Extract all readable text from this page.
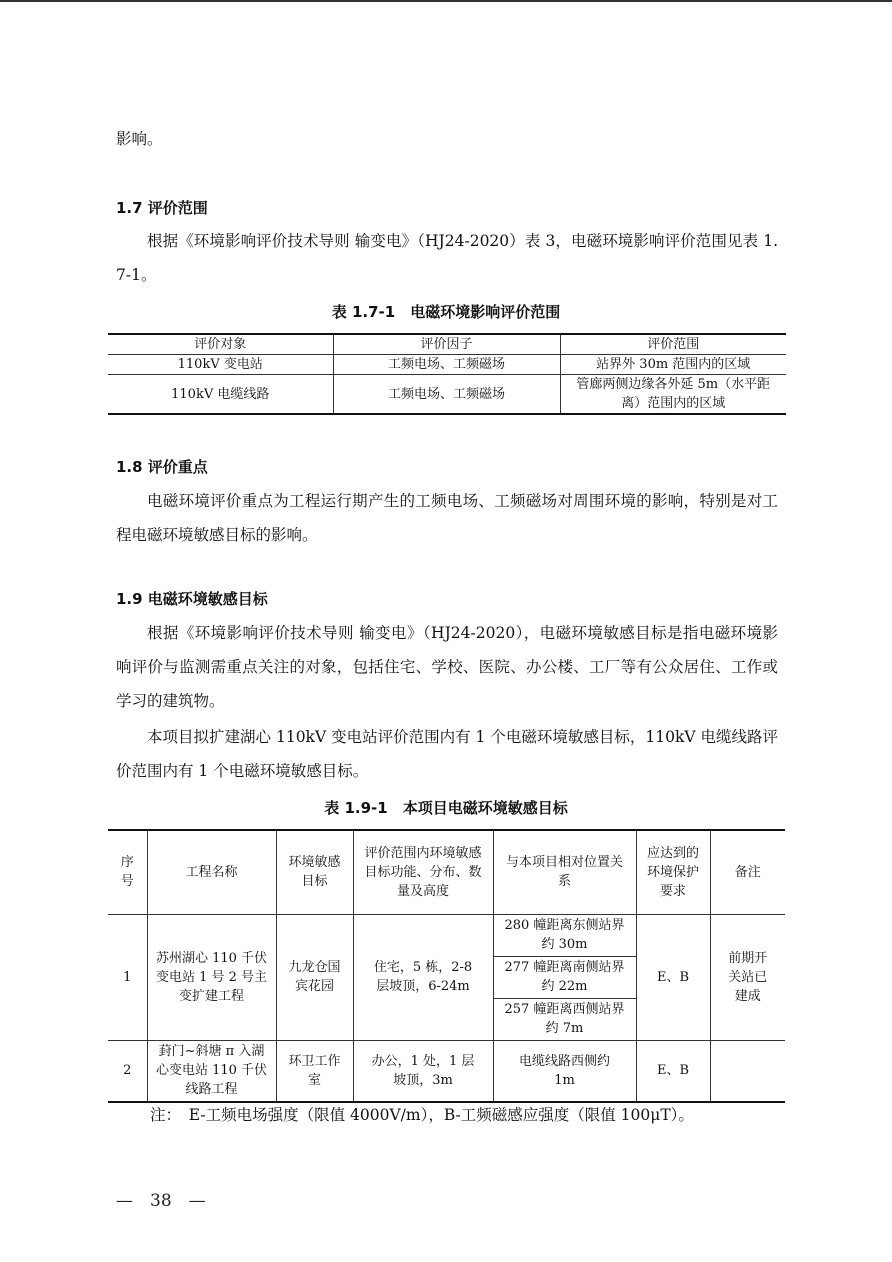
影响。

1.7 评价范围

根据《环境影响评价技术导则 输变电》（HJ24-2020）表 3，电磁环境影响评价范围见表 1.7-1。

表 1.7-1　电磁环境影响评价范围

评价对象	评价因子	评价范围
110kV 变电站	工频电场、工频磁场	站界外 30m 范围内的区域
110kV 电缆线路	工频电场、工频磁场	管廊两侧边缘各外延 5m（水平距离）范围内的区域
1.8 评价重点

电磁环境评价重点为工程运行期产生的工频电场、工频磁场对周围环境的影响，特别是对工程电磁环境敏感目标的影响。

1.9 电磁环境敏感目标

根据《环境影响评价技术导则 输变电》（HJ24-2020），电磁环境敏感目标是指电磁环境影响评价与监测需重点关注的对象，包括住宅、学校、医院、办公楼、工厂等有公众居住、工作或学习的建筑物。

本项目拟扩建湖心 110kV 变电站评价范围内有 1 个电磁环境敏感目标，110kV 电缆线路评价范围内有 1 个电磁环境敏感目标。

表 1.9-1　本项目电磁环境敏感目标

序号	工程名称	环境敏感目标	评价范围内环境敏感目标功能、分布、数量及高度	与本项目相对位置关系	应达到的环境保护要求	备注
1	苏州湖心 110 千伏变电站 1 号 2 号主变扩建工程	九龙仓国宾花园	住宅，5 栋，2-8 层坡顶，6-24m	280 幢距离东侧站界约 30m	E、B	前期开关站已建成
				277 幢距离南侧站界约 22m		
				257 幢距离西侧站界约 7m		
2	葑门~斜塘 π 入湖心变电站 110 千伏线路工程	环卫工作室	办公，1 处，1 层坡顶，3m	电缆线路西侧约 1m	E、B	

注：　E-工频电场强度（限值 4000V/m），B-工频磁感应强度（限值 100μT）。

—　38　—
